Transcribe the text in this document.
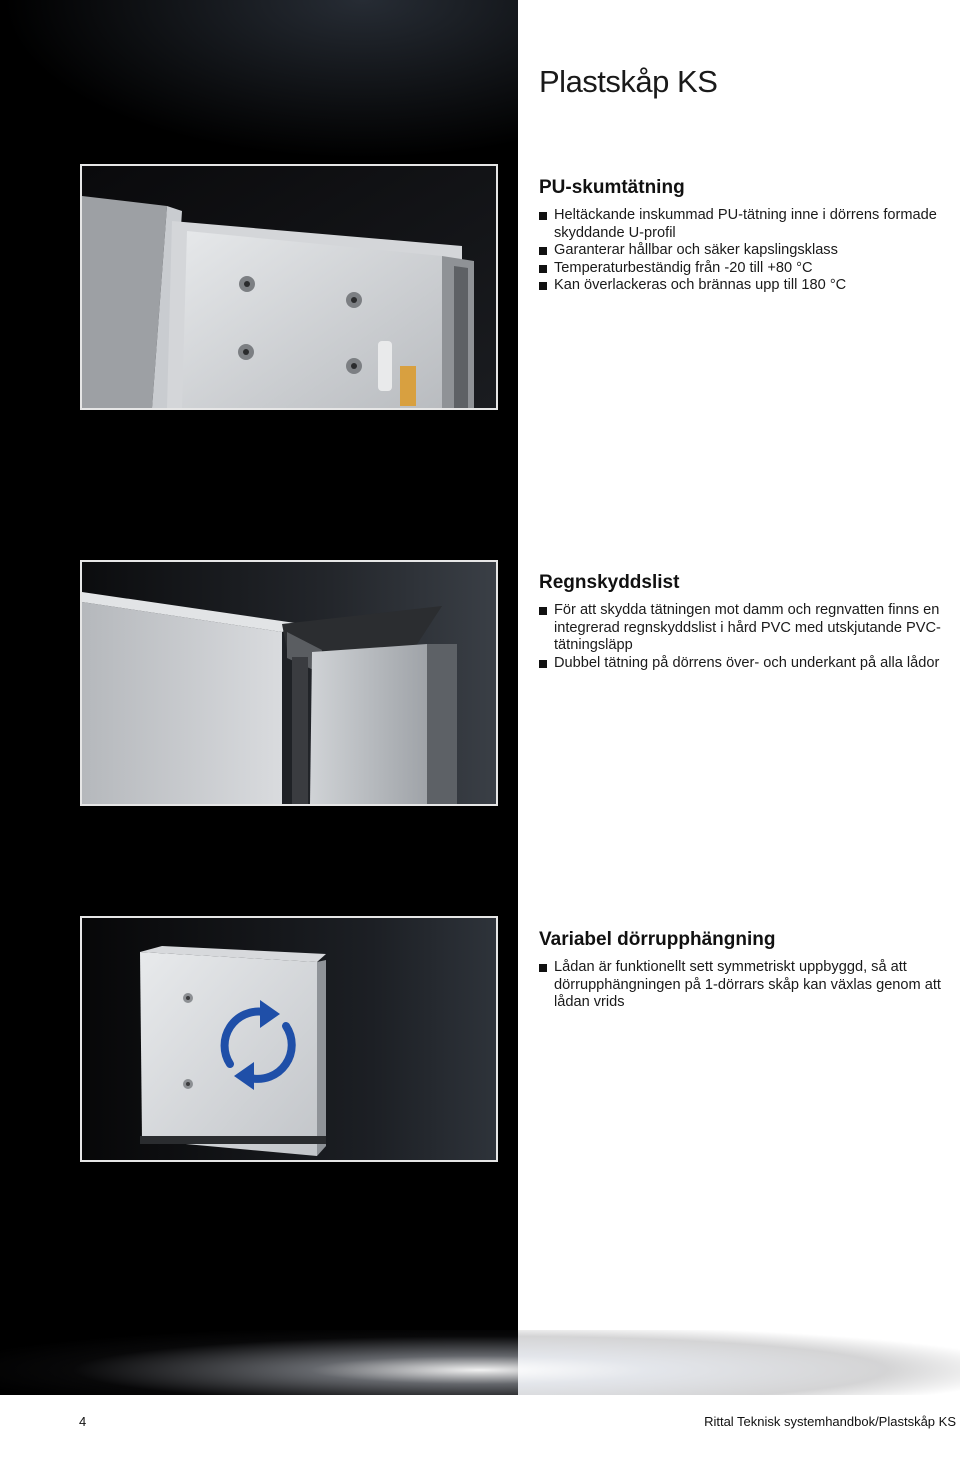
Plastskåp KS
PU-skumtätning
Heltäckande inskummad PU-tätning inne i dörrens formade skyddande U-profil
Garanterar hållbar och säker kapslingsklass
Temperaturbeständig från -20 till +80 °C
Kan överlackeras och brännas upp till 180 °C
Regnskyddslist
För att skydda tätningen mot damm och regnvatten finns en integrerad regnskyddslist i hård PVC med utskjutande PVC-tätningsläpp
Dubbel tätning på dörrens över- och underkant på alla lådor
Variabel dörrupphängning
Lådan är funktionellt sett symmetriskt uppbyggd, så att dörrupphängningen på 1-dörrars skåp kan växlas genom att lådan vrids
4	Rittal Teknisk systemhandbok/Plastskåp KS
